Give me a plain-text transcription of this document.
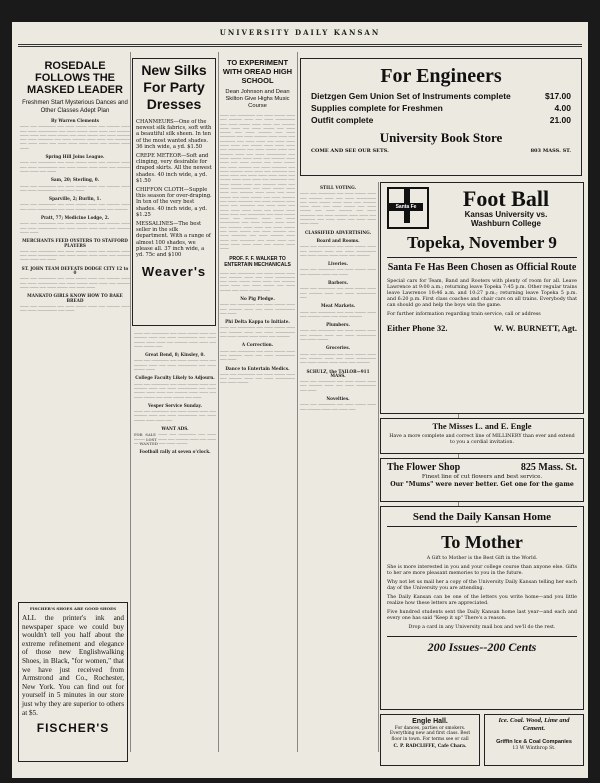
UNIVERSITY DAILY KANSAN
ROSEDALE FOLLOWS THE MASKED LEADER
Freshmen Start Mysterious Dances and Other Classes Adept Plan
By Warren Clements
──── ─── ──────── ─── ──── ───── ──── ─── ────── ──── ─── ──── ───────── ─── ──── ───── ──── ──── ─── ────── ──── ──── ─── ──── ───── ─── ──── ───── ─── ──── ────── ─── ──── ─────── ─── ──── ────── ──── ──── ─── ─────── ─── ──── ──── ─── ──── ──── ──── ──── ─── ───── ──── ────
Spring Hill Joins League.
──── ─── ──────── ─── ──── ───── ──── ─── ────── ──── ─── ──── ───────── ─── ──── ───── ──── ──── ─── ────── ──── ──── ─── ────
Sam, 20; Sterling, 0.
──── ─── ──────── ─── ──── ───── ──── ─── ────── ──── ─── ──── ───────── ─── ──── ────
Sparville, 2; Burlin, 1.
──── ─── ──────── ─── ──── ───── ──── ─── ────── ──── ─── ──── ───────── ─── ──── ───── ──── ──── ─── ──────
Pratt, 77; Medicine Lodge, 2.
──── ─── ──────── ─── ──── ───── ──── ─── ────── ──── ─── ──── ───────── ─── ──── ───── ──── ──── ─── ────── ──── ────
MERCHANTS FEED OYSTERS TO STAFFORD PLAYERS
──── ─── ──────── ─── ──── ───── ──── ─── ────── ──── ─── ──── ───────── ─── ──── ───── ──── ──── ─── ────── ──── ──── ─── ────
ST. JOHN TEAM DEFEATS DODGE CITY 12 to 0
──── ─── ──────── ─── ──── ───── ──── ─── ────── ──── ─── ──── ───────── ─── ──── ───── ──── ──── ─── ────── ──── ──── ─── ──── ───── ─── ──── ────
MANKATO GIRLS KNOW HOW TO BAKE BREAD
──── ─── ──────── ─── ──── ───── ──── ─── ────── ──── ─── ──── ───────── ─── ────
FISCHER'S SHOES ARE GOOD SHOES
ALL the printer's ink and newspaper space we could buy wouldn't tell you half about the extreme refinement and elegance of those new Englishwalking Shoes, in Black, "for women," that we have just received from Armstrond and Co., Rochester, New York. You can find out for yourself in 5 minutes in our store just why they are superior to others at $5.
FISCHER'S
New Silks For Party Dresses
CHANMEURS—One of the newest silk fabrics, soft with a beautiful silk sheen. In ten of the most wanted shades. 36 inch wide, a yd. $1.50
CREPE METEOR—Soft and clinging, very desirable for draped skirts. All the newest shades. 40 inch wide, a yd. $1.50
CHIFFON CLOTH—Supple this season for over-draping. In ten of the very best shades. 40 inch wide, a yd. $1.25
MESSALINES—The best seller in the silk department. With a range of almost 100 shades, we please all. 37 inch wide, a yd. 75c and $100
Weaver's
──── ─── ──────── ─── ──── ───── ──── ─── ────── ──── ─── ──── ───────── ─── ──── ───── ──── ──── ─── ────── ──── ──── ─── ──── ───── ───
Great Bend, 8; Kinsley, 0.
──── ─── ──────── ─── ──── ───── ──── ─── ────── ──── ─── ──── ───────── ─── ──── ───── ────
College Faculty Likely to Adjourn.
──── ─── ──────── ─── ──── ───── ──── ─── ────── ──── ─── ──── ───────── ─── ──── ───── ──── ──── ─── ────── ──── ──── ─── ──── ───── ─── ──── ───── ─── ────
Vesper Service Sunday.
──── ─── ──────── ─── ──── ───── ──── ─── ────── ──── ─── ──── ───────── ─── ──── ───── ──── ──── ───
WANT ADS.
FOR SALE ──── ─── ──────── ─── ──── ───── LOST ──── ─── ────── ──── ─── ──── ── WANTED ─── ──── ─────
Football rally at seven o'clock.
TO EXPERIMENT WITH OREAD HIGH SCHOOL
Dean Johnson and Dean Skilton Give Highs Music Course
──── ─── ──────── ─── ──── ───── ──── ─── ────── ──── ─── ──── ───────── ─── ──── ───── ──── ──── ─── ────── ──── ──── ─── ──── ───── ─── ──── ───── ─── ──── ────── ─── ──── ─────── ─── ──── ────── ──── ──── ─── ─────── ─── ──── ──── ─── ──── ──── ──── ──── ─── ───── ──── ──── ──── ─── ──────── ─── ──── ───── ──── ─── ────── ──── ─── ──── ───────── ─── ──── ───── ──── ──── ─── ────── ──── ──── ─── ──── ───── ─── ──── ───── ─── ──── ────── ─── ──── ─────── ─── ──── ────── ──── ──── ─── ─────── ─── ──── ──── ─── ──── ──── ──── ──── ─── ───── ──── ──── ──── ─── ──────── ─── ──── ───── ──── ─── ────── ──── ─── ──── ───────── ─── ──── ───── ──── ──── ─── ────── ──── ──── ─── ──── ───── ─── ──── ───── ─── ──── ────── ─── ──── ─────── ─── ──── ────── ──── ──── ─── ─────── ─── ──── ──── ─── ──── ──── ──── ──── ─── ───── ──── ──── ──── ─── ──────── ─── ──── ───── ──── ─── ────── ──── ─── ──── ───────── ─── ──── ───── ──── ──── ─── ────── ──── ──── ─── ──── ───── ─── ──── ───── ─── ──── ────── ─── ──── ─────── ─── ──── ────── ──── ──── ─── ─────── ─── ──── ──── ─── ──── ──── ──── ──── ─── ───── ──── ────
PROF. F. F. WALKER TO ENTERTAIN MECHANICALS
──── ─── ──────── ─── ──── ───── ──── ─── ────── ──── ─── ──── ───────── ─── ──── ───── ──── ──── ─── ────── ──── ──── ─── ──── ───── ─── ──── ───── ─── ──── ────── ───
No Pig Pledge.
──── ─── ──────── ─── ──── ───── ──── ─── ────── ──── ─── ──── ───────── ─── ────
Phi Delta Kappa to Initiate.
──── ─── ──────── ─── ──── ───── ──── ─── ────── ──── ─── ──── ───────── ─── ──── ───── ──── ──── ─── ──────
A Correction.
──── ─── ──────── ─── ──── ───── ──── ─── ────── ──── ─── ──── ───────── ─── ────
Dance to Entertain Medics.
──── ─── ──────── ─── ──── ───── ──── ─── ────── ──── ─── ──── ───────── ─── ──── ─────
For Engineers
Dietzgen Gem Union Set of Instruments complete	$17.00
Supplies complete for Freshmen	4.00
Outfit complete	21.00
University Book Store
COME AND SEE OUR SETS.	803 MASS. ST.
STILL VOTING.
──── ─── ──────── ─── ──── ───── ──── ─── ────── ──── ─── ──── ───────── ─── ──── ───── ──── ──── ─── ────── ──── ──── ─── ──── ───── ─── ──── ───── ─── ──── ────── ─── ──── ─────── ─── ──── ────── ──── ──── ─── ─────── ─── ──── ──── ─── ──── ──── ──── ────
CLASSIFIED ADVERTISING.
Board and Rooms.
──── ─── ──────── ─── ──── ───── ──── ─── ────── ──── ─── ──── ───────── ─── ──── ───── ──── ──── ─── ──────
Liveries.
──── ─── ──────── ─── ──── ───── ──── ─── ────── ──── ─── ────
Barbers.
──── ─── ──────── ─── ──── ───── ──── ─── ────── ──── ─── ──── ───────── ───
Meat Markets.
──── ─── ──────── ─── ──── ───── ──── ─── ────── ──── ─── ──── ──────
Plumbers.
──── ─── ──────── ─── ──── ───── ──── ─── ────── ──── ─── ──── ───────── ─── ──── ─────
Groceries.
──── ─── ──────── ─── ──── ───── ──── ─── ────── ──── ─── ──── ───────── ─── ──── ───── ──── ──── ─── ──────
SCHULZ, the TAILOR—911 MASS.
──── ─── ──────── ─── ──── ───── ──── ─── ────── ──── ─── ──── ───────── ─── ────
Novelties.
──── ─── ──────── ─── ──── ───── ──── ─── ────── ──── ─── ──── ───
Santa Fe	Foot Ball
Kansas University vs.
Washburn College
Topeka, November 9
Santa Fe Has Been Chosen as Official Route
Special cars for Team, Band and Rooters with plenty of room for all. Leave Lawrence at 9:00 a.m.; returning leave Topeka 7:45 p.m. Other regular trains leave Lawrence 10:46 a.m. and 10:27 p.m.; returning leave Topeka 5 p.m. and 6:20 p.m. First class coaches and chair cars on all trains. Everybody that can should go and help the boys win the game.
For further information regarding train service, call or address
Either Phone 32.	W. W. BURNETT, Agt.
The Misses L. and E. Engle
Have a more complete and correct line of MILLINERY than ever and extend to you a cordial invitation.
The Flower Shop	825 Mass. St.
Finest line of cut flowers and best service.
Our "Mums" were never better. Get one for the game
Send the Daily Kansan Home
To Mother
A Gift to Mother is the Best Gift in the World.
She is more interested in you and your college course than anyone else. Gifts to her are more pleasant memories to you in the future.
Why not let us mail her a copy of the University Daily Kansan telling her each day of the University you are attending.
The Daily Kansan can be one of the letters you write home—and you little realize how these letters are appreciated.
Five hundred students sent the Daily Kansan home last year—and each and every one has said "Keep it up" There's a reason.
Drop a card in any University mail box and we'll do the rest.
200 Issues--200 Cents
Engle Hall.
For dances, parties or smokers. Everything new and first class. Best floor in town. For terms see or call
C. P. RADCLIFFE, Cafe Chara.
Ice. Coal. Wood, Lime and Cement.
Griffin Ice & Coal Companies
13 W Winthrop St.
